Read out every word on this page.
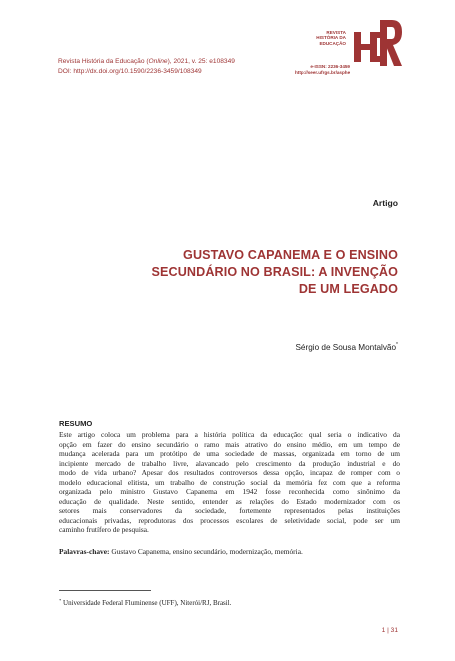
Revista História da Educação (Online), 2021, v. 25: e108349
DOI: http://dx.doi.org/10.1590/2236-3459/108349
REVISTA
HISTÓRIA DA
EDUCAÇÃO
e-ISSN: 2236-3459
http://seer.ufrgs.br/asphe
Artigo
GUSTAVO CAPANEMA E O ENSINO
SECUNDÁRIO NO BRASIL: A INVENÇÃO
DE UM LEGADO
Sérgio de Sousa Montalvão*
RESUMO
Este artigo coloca um problema para a história política da educação: qual seria o indicativo da
opção em fazer do ensino secundário o ramo mais atrativo do ensino médio, em um tempo de
mudança acelerada para um protótipo de uma sociedade de massas, organizada em torno de um
incipiente mercado de trabalho livre, alavancado pelo crescimento da produção industrial e do
modo de vida urbano? Apesar dos resultados controversos dessa opção, incapaz de romper com o
modelo educacional elitista, um trabalho de construção social da memória fez com que a reforma
organizada pelo ministro Gustavo Capanema em 1942 fosse reconhecida como sinônimo da
educação de qualidade. Neste sentido, entender as relações do Estado modernizador com os
setores mais conservadores da sociedade, fortemente representados pelas instituições
educacionais privadas, reprodutoras dos processos escolares de seletividade social, pode ser um
caminho frutífero de pesquisa.
Palavras-chave: Gustavo Capanema, ensino secundário, modernização, memória.
* Universidade Federal Fluminense (UFF), Niterói/RJ, Brasil.
1 | 31
